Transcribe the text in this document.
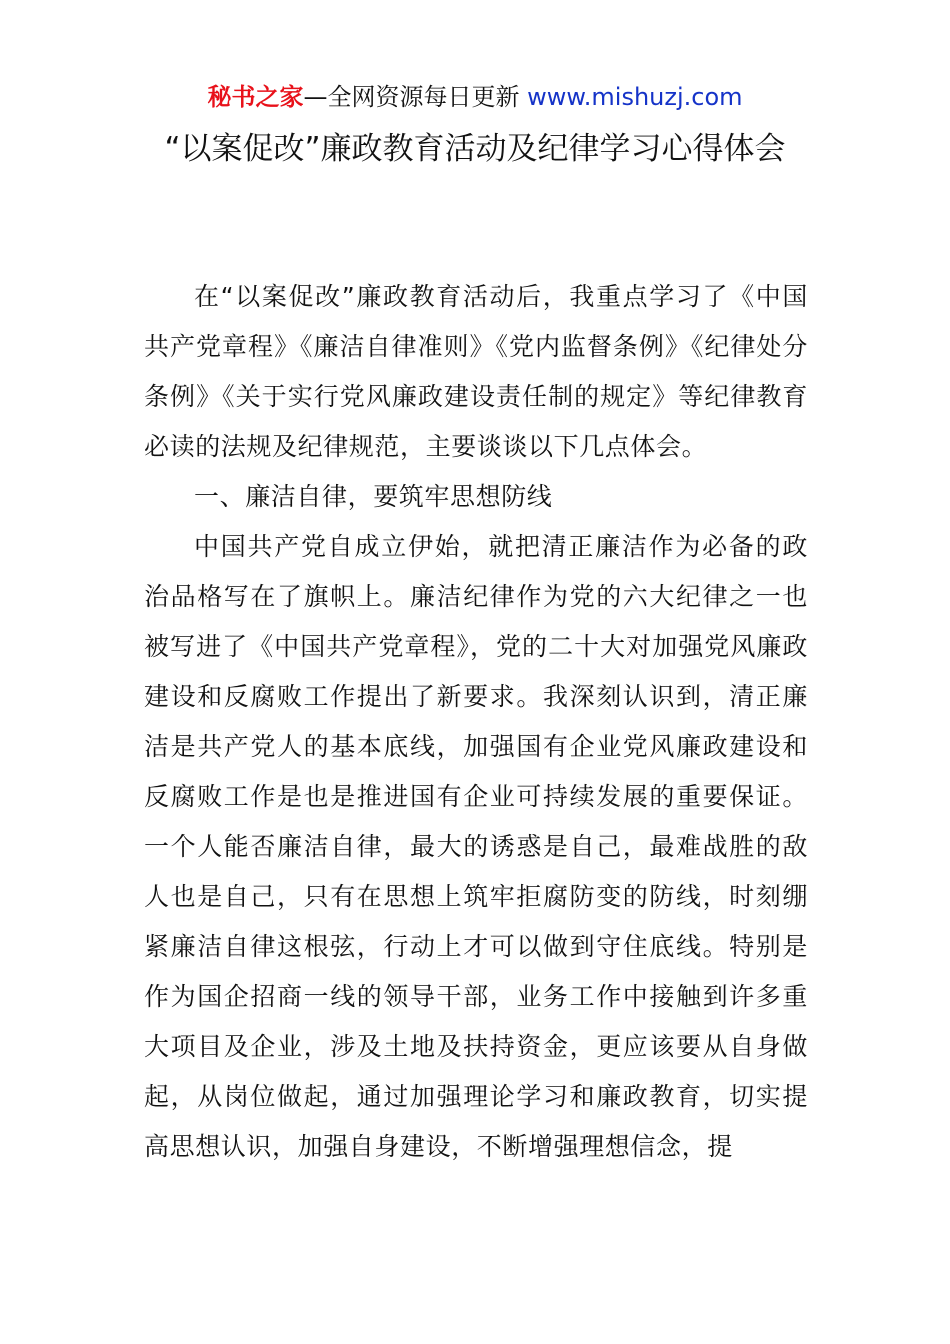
秘书之家—全网资源每日更新 www.mishuzj.com
“以案促改”廉政教育活动及纪律学习心得体会

在“以案促改”廉政教育活动后，我重点学习了《中国共产党章程》《廉洁自律准则》《党内监督条例》《纪律处分条例》《关于实行党风廉政建设责任制的规定》等纪律教育必读的法规及纪律规范，主要谈谈以下几点体会。

一、廉洁自律，要筑牢思想防线

中国共产党自成立伊始，就把清正廉洁作为必备的政治品格写在了旗帜上。廉洁纪律作为党的六大纪律之一也被写进了《中国共产党章程》，党的二十大对加强党风廉政建设和反腐败工作提出了新要求。我深刻认识到，清正廉洁是共产党人的基本底线，加强国有企业党风廉政建设和反腐败工作是也是推进国有企业可持续发展的重要保证。一个人能否廉洁自律，最大的诱惑是自己，最难战胜的敌人也是自己，只有在思想上筑牢拒腐防变的防线，时刻绷紧廉洁自律这根弦，行动上才可以做到守住底线。特别是作为国企招商一线的领导干部，业务工作中接触到许多重大项目及企业，涉及土地及扶持资金，更应该要从自身做起，从岗位做起，通过加强理论学习和廉政教育，切实提高思想认识，加强自身建设，不断增强理想信念，提
